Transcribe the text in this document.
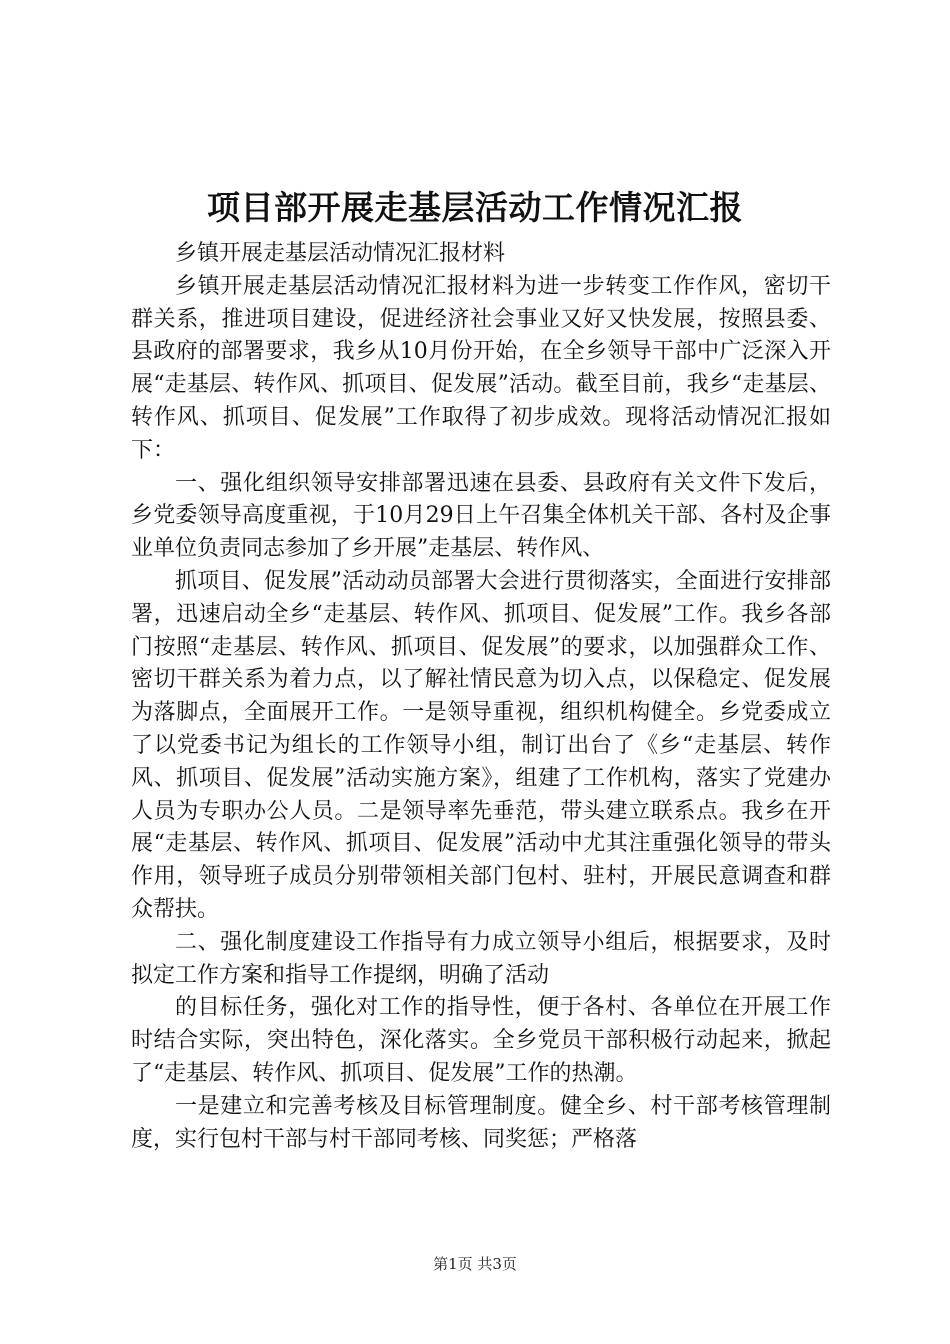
项目部开展走基层活动工作情况汇报

乡镇开展走基层活动情况汇报材料

乡镇开展走基层活动情况汇报材料为进一步转变工作作风，密切干群关系，推进项目建设，促进经济社会事业又好又快发展，按照县委、县政府的部署要求，我乡从10月份开始，在全乡领导干部中广泛深入开展“走基层、转作风、抓项目、促发展”活动。截至目前，我乡“走基层、转作风、抓项目、促发展”工作取得了初步成效。现将活动情况汇报如下：

一、强化组织领导安排部署迅速在县委、县政府有关文件下发后，乡党委领导高度重视，于10月29日上午召集全体机关干部、各村及企事业单位负责同志参加了乡开展”走基层、转作风、

抓项目、促发展”活动动员部署大会进行贯彻落实，全面进行安排部署，迅速启动全乡“走基层、转作风、抓项目、促发展”工作。我乡各部门按照“走基层、转作风、抓项目、促发展”的要求，以加强群众工作、密切干群关系为着力点，以了解社情民意为切入点，以保稳定、促发展为落脚点，全面展开工作。一是领导重视，组织机构健全。乡党委成立了以党委书记为组长的工作领导小组，制订出台了《乡“走基层、转作风、抓项目、促发展”活动实施方案》，组建了工作机构，落实了党建办人员为专职办公人员。二是领导率先垂范，带头建立联系点。我乡在开展“走基层、转作风、抓项目、促发展”活动中尤其注重强化领导的带头作用，领导班子成员分别带领相关部门包村、驻村，开展民意调查和群众帮扶。

二、强化制度建设工作指导有力成立领导小组后，根据要求，及时拟定工作方案和指导工作提纲，明确了活动

的目标任务，强化对工作的指导性，便于各村、各单位在开展工作时结合实际，突出特色，深化落实。全乡党员干部积极行动起来，掀起了“走基层、转作风、抓项目、促发展”工作的热潮。

一是建立和完善考核及目标管理制度。健全乡、村干部考核管理制度，实行包村干部与村干部同考核、同奖惩；严格落

第1页 共3页
